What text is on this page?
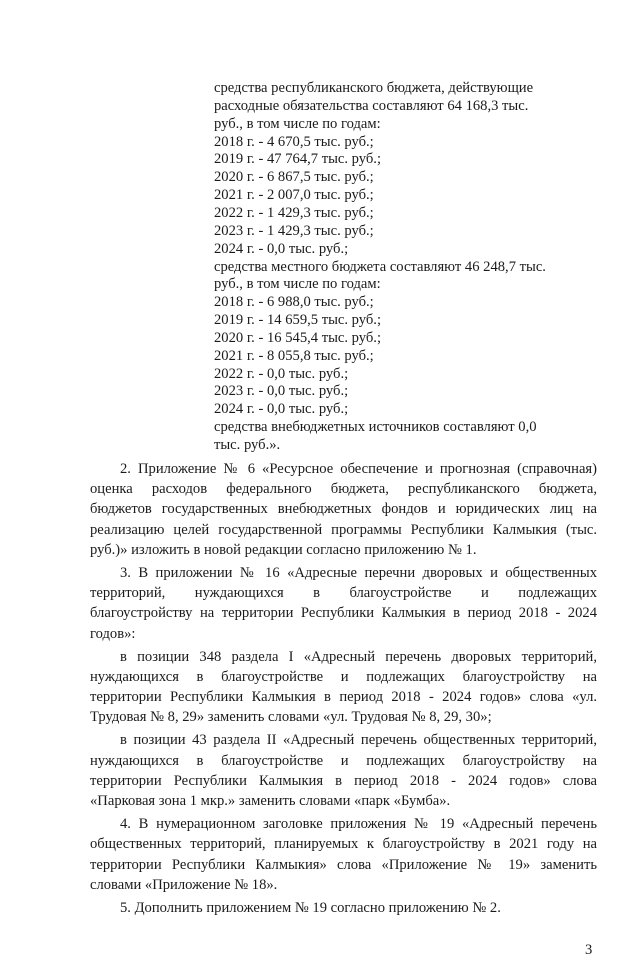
средства республиканского бюджета, действующие
расходные обязательства составляют 64 168,3 тыс.
руб., в том числе по годам:
2018 г. - 4 670,5 тыс. руб.;
2019 г. - 47 764,7 тыс. руб.;
2020 г. - 6 867,5 тыс. руб.;
2021 г. - 2 007,0 тыс. руб.;
2022 г. - 1 429,3 тыс. руб.;
2023 г. - 1 429,3 тыс. руб.;
2024 г. - 0,0 тыс. руб.;
средства местного бюджета составляют 46 248,7 тыс.
руб., в том числе по годам:
2018 г. - 6 988,0 тыс. руб.;
2019 г. - 14 659,5 тыс. руб.;
2020 г. - 16 545,4 тыс. руб.;
2021 г. - 8 055,8 тыс. руб.;
2022 г. - 0,0 тыс. руб.;
2023 г. - 0,0 тыс. руб.;
2024 г. - 0,0 тыс. руб.;
средства внебюджетных источников составляют 0,0
тыс. руб.».
2. Приложение № 6 «Ресурсное обеспечение и прогнозная (справочная)
оценка расходов федерального бюджета, республиканского бюджета,
бюджетов государственных внебюджетных фондов и юридических лиц на
реализацию целей государственной программы Республики Калмыкия (тыс.
руб.)» изложить в новой редакции согласно приложению № 1.
3. В приложении № 16 «Адресные перечни дворовых и общественных
территорий, нуждающихся в благоустройстве и подлежащих
благоустройству на территории Республики Калмыкия в период 2018 - 2024
годов»:
в позиции 348 раздела I «Адресный перечень дворовых территорий,
нуждающихся в благоустройстве и подлежащих благоустройству на
территории Республики Калмыкия в период 2018 - 2024 годов» слова «ул.
Трудовая № 8, 29» заменить словами «ул. Трудовая № 8, 29, 30»;
в позиции 43 раздела II «Адресный перечень общественных территорий,
нуждающихся в благоустройстве и подлежащих благоустройству на
территории Республики Калмыкия в период 2018 - 2024 годов» слова
«Парковая зона 1 мкр.» заменить словами «парк «Бумба».
4. В нумерационном заголовке приложения № 19 «Адресный перечень
общественных территорий, планируемых к благоустройству в 2021 году на
территории Республики Калмыкия» слова «Приложение № 19» заменить
словами «Приложение № 18».
5. Дополнить приложением № 19 согласно приложению № 2.
3
